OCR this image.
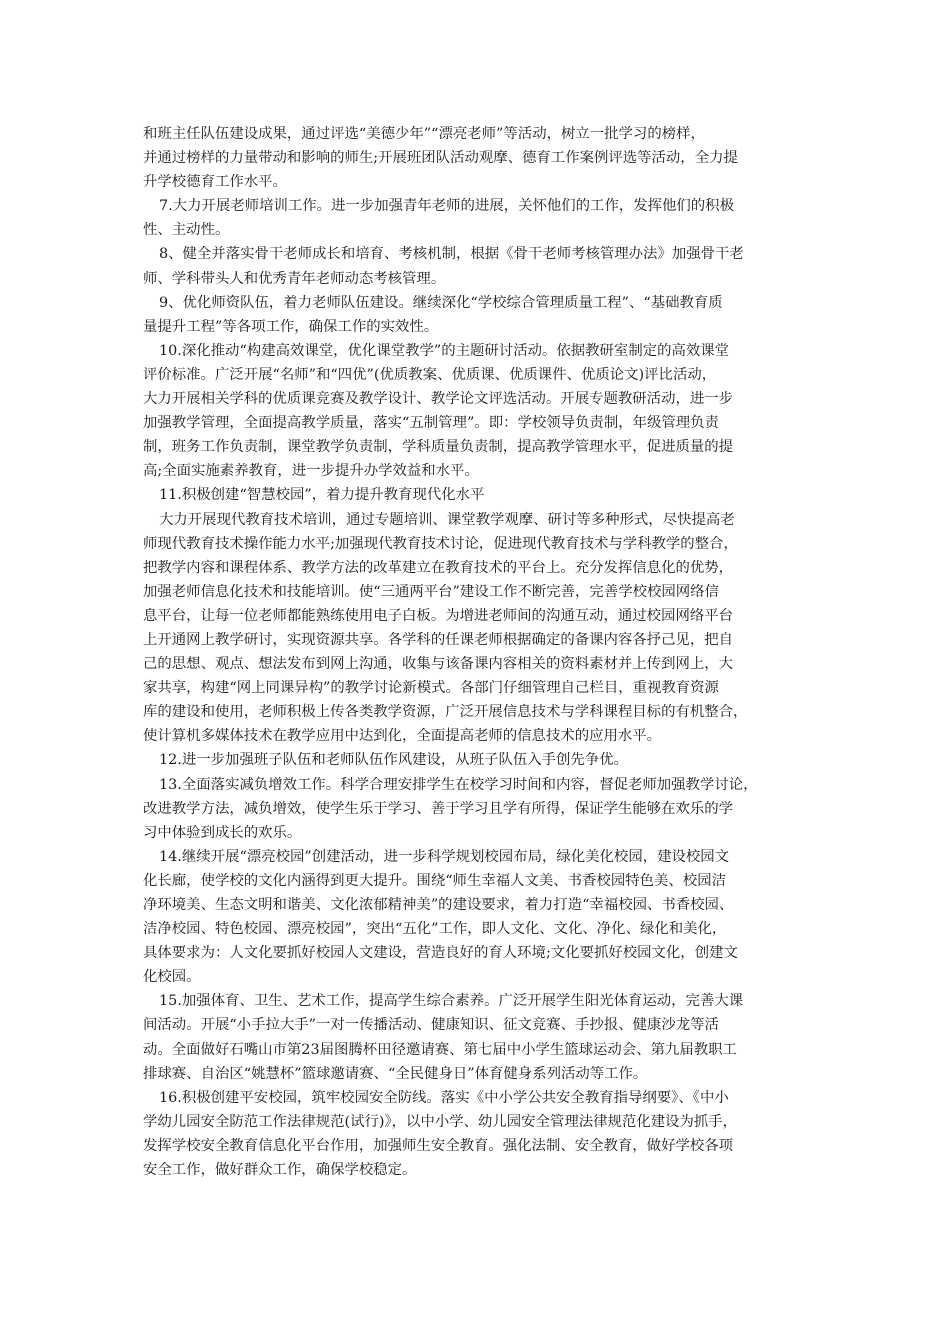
和班主任队伍建设成果，通过评选“美德少年”“漂亮老师”等活动，树立一批学习的榜样，
并通过榜样的力量带动和影响的师生;开展班团队活动观摩、德育工作案例评选等活动，全力提
升学校德育工作水平。
7.大力开展老师培训工作。进一步加强青年老师的进展，关怀他们的工作，发挥他们的积极
性、主动性。
8、健全并落实骨干老师成长和培育、考核机制，根据《骨干老师考核管理办法》加强骨干老
师、学科带头人和优秀青年老师动态考核管理。
9、优化师资队伍，着力老师队伍建设。继续深化“学校综合管理质量工程”、“基础教育质
量提升工程”等各项工作，确保工作的实效性。
10.深化推动“构建高效课堂，优化课堂教学”的主题研讨活动。依据教研室制定的高效课堂
评价标准。广泛开展“名师”和“四优”(优质教案、优质课、优质课件、优质论文)评比活动，
大力开展相关学科的优质课竞赛及教学设计、教学论文评选活动。开展专题教研活动，进一步
加强教学管理，全面提高教学质量，落实“五制管理”。即：学校领导负责制，年级管理负责
制，班务工作负责制，课堂教学负责制，学科质量负责制，提高教学管理水平，促进质量的提
高;全面实施素养教育，进一步提升办学效益和水平。
11.积极创建“智慧校园”，着力提升教育现代化水平
大力开展现代教育技术培训，通过专题培训、课堂教学观摩、研讨等多种形式，尽快提高老
师现代教育技术操作能力水平;加强现代教育技术讨论，促进现代教育技术与学科教学的整合，
把教学内容和课程体系、教学方法的改革建立在教育技术的平台上。充分发挥信息化的优势，
加强老师信息化技术和技能培训。使“三通两平台”建设工作不断完善，完善学校校园网络信
息平台，让每一位老师都能熟练使用电子白板。为增进老师间的沟通互动，通过校园网络平台
上开通网上教学研讨，实现资源共享。各学科的任课老师根据确定的备课内容各抒己见，把自
己的思想、观点、想法发布到网上沟通，收集与该备课内容相关的资料素材并上传到网上，大
家共享，构建“网上同课异构”的教学讨论新模式。各部门仔细管理自己栏目，重视教育资源
库的建设和使用，老师积极上传各类教学资源，广泛开展信息技术与学科课程目标的有机整合，
使计算机多媒体技术在教学应用中达到化，全面提高老师的信息技术的应用水平。
12.进一步加强班子队伍和老师队伍作风建设，从班子队伍入手创先争优。
13.全面落实减负增效工作。科学合理安排学生在校学习时间和内容，督促老师加强教学讨论，
改进教学方法，减负增效，使学生乐于学习、善于学习且学有所得，保证学生能够在欢乐的学
习中体验到成长的欢乐。
14.继续开展“漂亮校园”创建活动，进一步科学规划校园布局，绿化美化校园，建设校园文
化长廊，使学校的文化内涵得到更大提升。围绕“师生幸福人文美、书香校园特色美、校园洁
净环境美、生态文明和谐美、文化浓郁精神美”的建设要求，着力打造“幸福校园、书香校园、
洁净校园、特色校园、漂亮校园”，突出“五化”工作，即人文化、文化、净化、绿化和美化，
具体要求为：人文化要抓好校园人文建设，营造良好的育人环境;文化要抓好校园文化，创建文
化校园。
15.加强体育、卫生、艺术工作，提高学生综合素养。广泛开展学生阳光体育运动，完善大课
间活动。开展“小手拉大手”一对一传播活动、健康知识、征文竞赛、手抄报、健康沙龙等活
动。全面做好石嘴山市第23届图腾杯田径邀请赛、第七届中小学生篮球运动会、第九届教职工
排球赛、自治区“姚慧杯”篮球邀请赛、“全民健身日”体育健身系列活动等工作。
16.积极创建平安校园，筑牢校园安全防线。落实《中小学公共安全教育指导纲要》、《中小
学幼儿园安全防范工作法律规范(试行)》，以中小学、幼儿园安全管理法律规范化建设为抓手，
发挥学校安全教育信息化平台作用，加强师生安全教育。强化法制、安全教育，做好学校各项
安全工作，做好群众工作，确保学校稳定。
